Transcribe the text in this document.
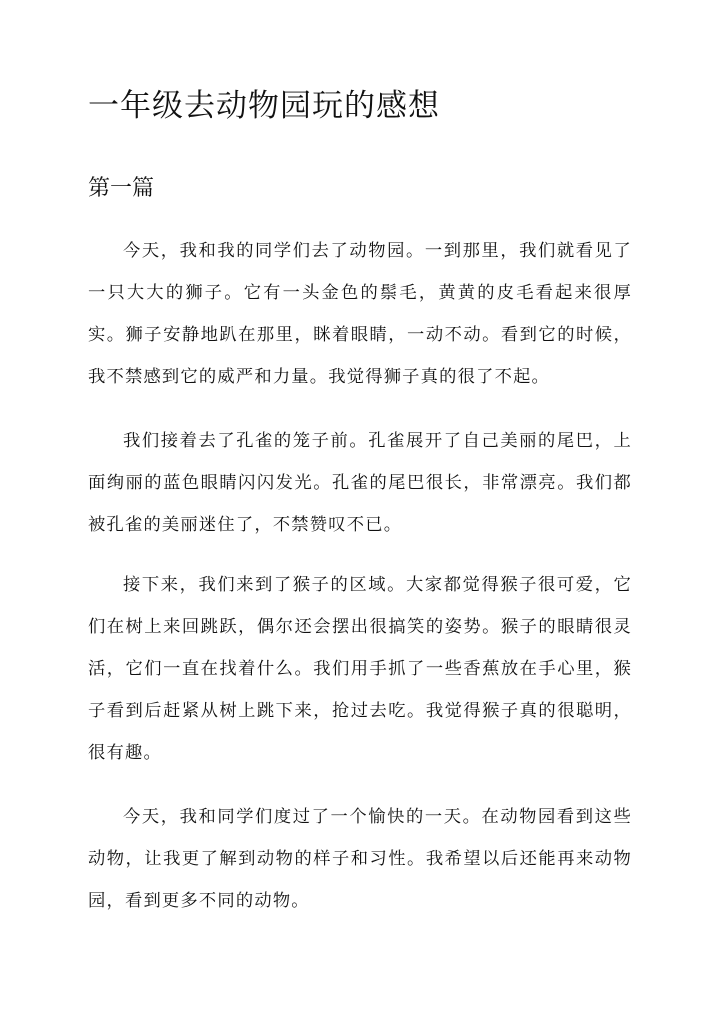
一年级去动物园玩的感想
第一篇

今天，我和我的同学们去了动物园。一到那里，我们就看见了一只大大的狮子。它有一头金色的鬃毛，黄黄的皮毛看起来很厚实。狮子安静地趴在那里，眯着眼睛，一动不动。看到它的时候，我不禁感到它的威严和力量。我觉得狮子真的很了不起。

我们接着去了孔雀的笼子前。孔雀展开了自己美丽的尾巴，上面绚丽的蓝色眼睛闪闪发光。孔雀的尾巴很长，非常漂亮。我们都被孔雀的美丽迷住了，不禁赞叹不已。

接下来，我们来到了猴子的区域。大家都觉得猴子很可爱，它们在树上来回跳跃，偶尔还会摆出很搞笑的姿势。猴子的眼睛很灵活，它们一直在找着什么。我们用手抓了一些香蕉放在手心里，猴子看到后赶紧从树上跳下来，抢过去吃。我觉得猴子真的很聪明，很有趣。

今天，我和同学们度过了一个愉快的一天。在动物园看到这些动物，让我更了解到动物的样子和习性。我希望以后还能再来动物园，看到更多不同的动物。
